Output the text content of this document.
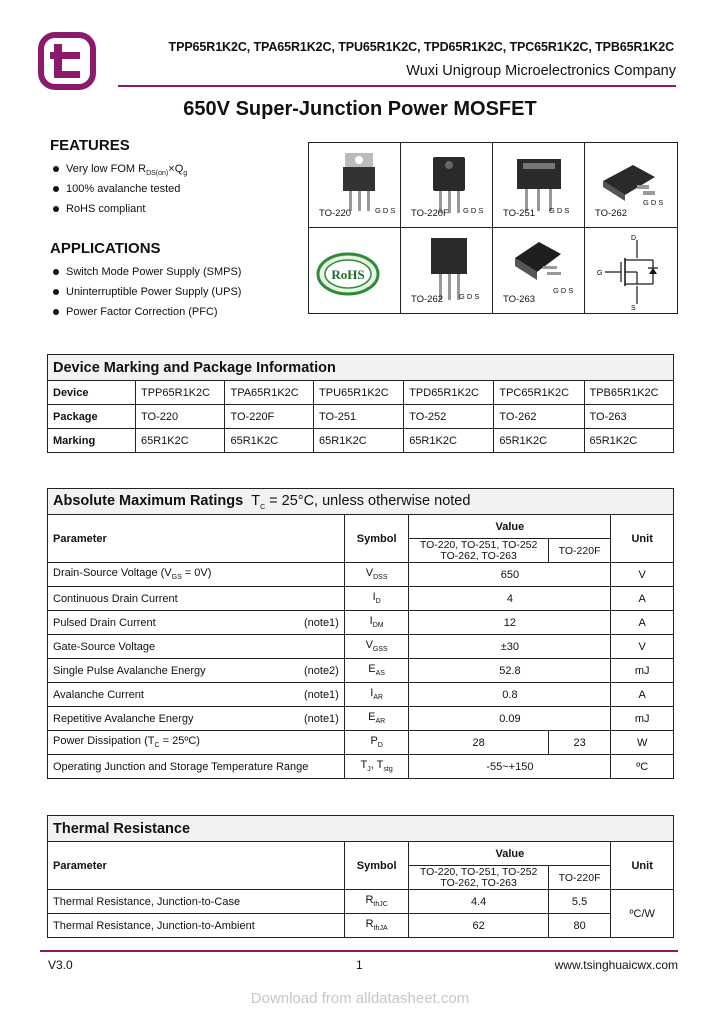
TPP65R1K2C, TPA65R1K2C, TPU65R1K2C, TPD65R1K2C, TPC65R1K2C, TPB65R1K2C
Wuxi Unigroup Microelectronics Company
650V Super-Junction Power MOSFET
FEATURES
Very low FOM $R_{DS(on)}\times Q_g$
100% avalanche tested
RoHS compliant
APPLICATIONS
Switch Mode Power Supply (SMPS)
Uninterruptible Power Supply (UPS)
Power Factor Correction (PFC)
RoHS
TO-220	G D S TO-220F G D S TO-251 G D S	TO-262
G D S
TO-262 G D S TO-263
G D S
D
G
S
Device Marking and Package Information						
Device	TPP65R1K2C	TPA65R1K2C	TPU65R1K2C	TPD65R1K2C	TPC65R1K2C	TPB65R1K2C
Package	TO-220	TO-220F	TO-251	TO-252	TO-262	TO-263
Marking	65R1K2C	65R1K2C	65R1K2C	65R1K2C	65R1K2C	65R1K2C
Absolute Maximum Ratings $T_C = 25^\circ C$, unless otherwise noted				
Parameter	Symbol	Value		Unit
		TO-220, TO-251, TO-252
TO-262, TO-263	TO-220F	
Drain-Source Voltage $(V_{GS} = 0V)$	$V_{DSS}$	650		V
Continuous Drain Current	$I_D$	4		A
Pulsed Drain Current (note1)	$I_{DM}$	12		A
Gate-Source Voltage	$V_{GSS}$	±30		V
Single Pulse Avalanche Energy (note2)	$E_{AS}$	52.8		mJ
Avalanche Current (note1)	$I_{AR}$	0.8		A
Repetitive Avalanche Energy (note1)	$E_{AR}$	0.09		mJ
Power Dissipation ($T_C$ = 25ºC)	$P_D$	28	23	W
Operating Junction and Storage Temperature Range	$T_J$, $T_{stg}$	-55~+150		ºC
Thermal Resistance				
Parameter	Symbol	Value		Unit
		TO-220, TO-251, TO-252
TO-262, TO-263	TO-220F	
Thermal Resistance, Junction-to-Case	$R_{thJC}$	4.4	5.5	ºC/W
Thermal Resistance, Junction-to-Ambient	$R_{thJA}$	62	80	
V3.0	1	www.tsinghuaicwx.com
Download from alldatasheet.com
